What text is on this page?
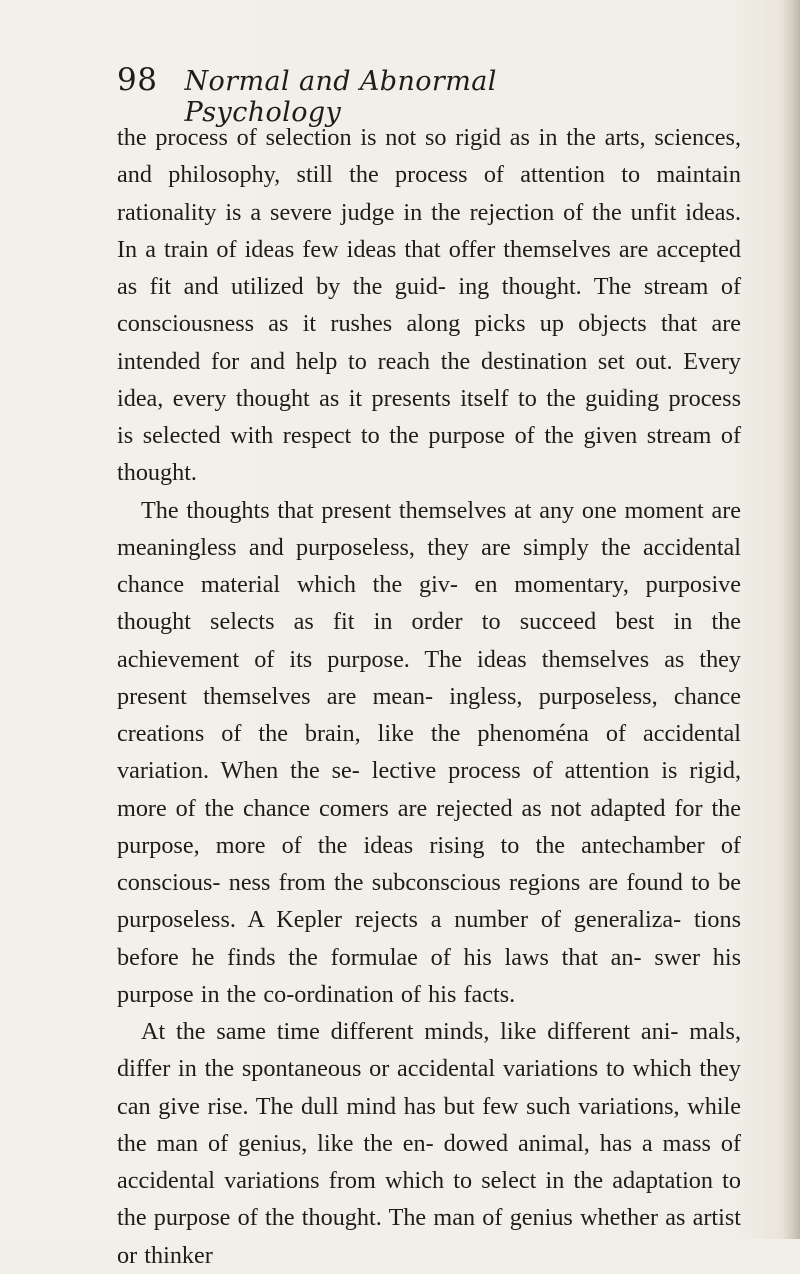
98 Normal and Abnormal Psychology

the process of selection is not so rigid as in the arts, sciences, and philosophy, still the process of attention to maintain rationality is a severe judge in the rejection of the unfit ideas. In a train of ideas few ideas that offer themselves are accepted as fit and utilized by the guid- ing thought. The stream of consciousness as it rushes along picks up objects that are intended for and help to reach the destination set out. Every idea, every thought as it presents itself to the guiding process is selected with respect to the purpose of the given stream of thought.

The thoughts that present themselves at any one moment are meaningless and purposeless, they are simply the accidental chance material which the giv- en momentary, purposive thought selects as fit in order to succeed best in the achievement of its purpose. The ideas themselves as they present themselves are mean- ingless, purposeless, chance creations of the brain, like the phenoména of accidental variation. When the se- lective process of attention is rigid, more of the chance comers are rejected as not adapted for the purpose, more of the ideas rising to the antechamber of conscious- ness from the subconscious regions are found to be purposeless. A Kepler rejects a number of generaliza- tions before he finds the formulae of his laws that an- swer his purpose in the co-ordination of his facts.

At the same time different minds, like different ani- mals, differ in the spontaneous or accidental variations to which they can give rise. The dull mind has but few such variations, while the man of genius, like the en- dowed animal, has a mass of accidental variations from which to select in the adaptation to the purpose of the thought. The man of genius whether as artist or thinker
